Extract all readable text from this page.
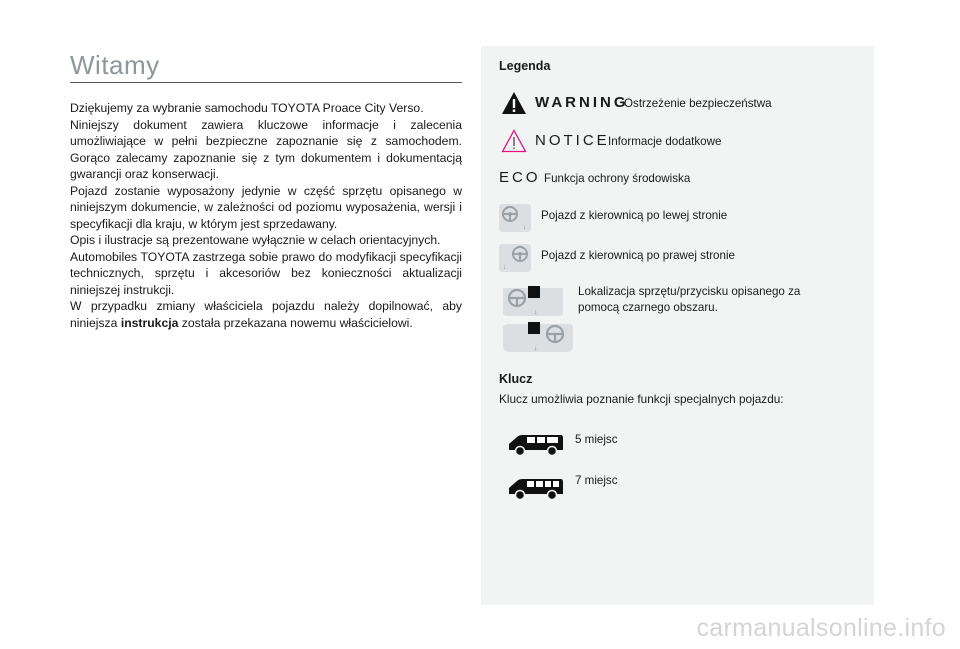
Witamy

Dziękujemy za wybranie samochodu TOYOTA Proace City Verso.

Niniejszy dokument zawiera kluczowe informacje i zalecenia umożliwiające w pełni bezpieczne zapoznanie się z samochodem. Gorąco zalecamy zapoznanie się z tym dokumentem i dokumentacją gwarancji oraz konserwacji.

Pojazd zostanie wyposażony jedynie w część sprzętu opisanego w niniejszym dokumencie, w zależności od poziomu wyposażenia, wersji i specyfikacji dla kraju, w którym jest sprzedawany.

Opis i ilustracje są prezentowane wyłącznie w celach orientacyjnych.

Automobiles TOYOTA zastrzega sobie prawo do modyfikacji specyfikacji technicznych, sprzętu i akcesoriów bez konieczności aktualizacji niniejszej instrukcji.

W przypadku zmiany właściciela pojazdu należy dopilnować, aby niniejsza instrukcja została przekazana nowemu właścicielowi.

Legenda
WARNING
Ostrzeżenie bezpieczeństwa
NOTICE
Informacje dodatkowe
ECO Funkcja ochrony środowiska
↓
Pojazd z kierownicą po lewej stronie
↓
Pojazd z kierownicą po prawej stronie
↓
↓
Lokalizacja sprzętu/przycisku opisanego za pomocą czarnego obszaru.
Klucz
Klucz umożliwia poznanie funkcji specjalnych pojazdu:
5 miejsc
7 miejsc
carmanualsonline.info
